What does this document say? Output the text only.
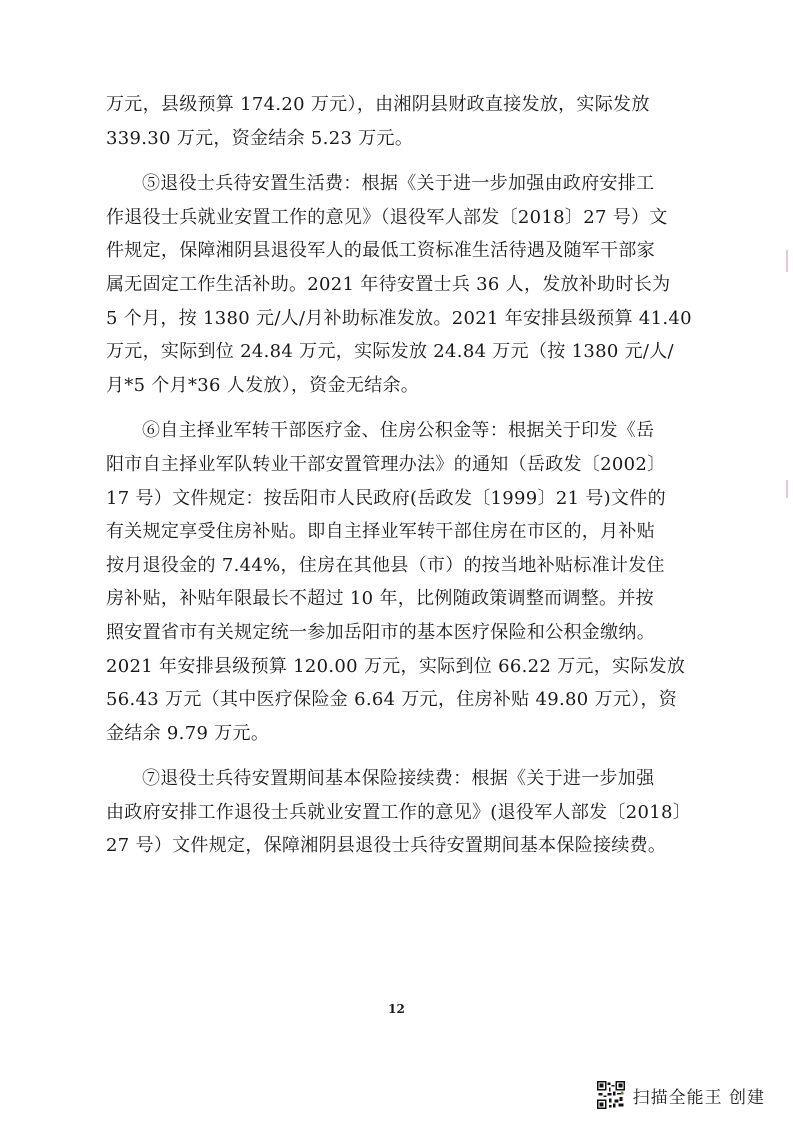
万元，县级预算 174.20 万元），由湘阴县财政直接发放，实际发放
339.30 万元，资金结余 5.23 万元。
⑤退役士兵待安置生活费：根据《关于进一步加强由政府安排工
作退役士兵就业安置工作的意见》（退役军人部发〔2018〕27 号）文
件规定，保障湘阴县退役军人的最低工资标准生活待遇及随军干部家
属无固定工作生活补助。2021 年待安置士兵 36 人，发放补助时长为
5 个月，按 1380 元/人/月补助标准发放。2021 年安排县级预算 41.40
万元，实际到位 24.84 万元，实际发放 24.84 万元（按 1380 元/人/
月*5 个月*36 人发放），资金无结余。
⑥自主择业军转干部医疗金、住房公积金等：根据关于印发《岳
阳市自主择业军队转业干部安置管理办法》的通知（岳政发〔2002〕
17 号）文件规定：按岳阳市人民政府(岳政发〔1999〕21 号)文件的
有关规定享受住房补贴。即自主择业军转干部住房在市区的，月补贴
按月退役金的 7.44%，住房在其他县（市）的按当地补贴标准计发住
房补贴，补贴年限最长不超过 10 年，比例随政策调整而调整。并按
照安置省市有关规定统一参加岳阳市的基本医疗保险和公积金缴纳。
2021 年安排县级预算 120.00 万元，实际到位 66.22 万元，实际发放
56.43 万元（其中医疗保险金 6.64 万元，住房补贴 49.80 万元），资
金结余 9.79 万元。
⑦退役士兵待安置期间基本保险接续费：根据《关于进一步加强
由政府安排工作退役士兵就业安置工作的意见》(退役军人部发〔2018〕
27 号）文件规定，保障湘阴县退役士兵待安置期间基本保险接续费。
12
扫描全能王 创建
